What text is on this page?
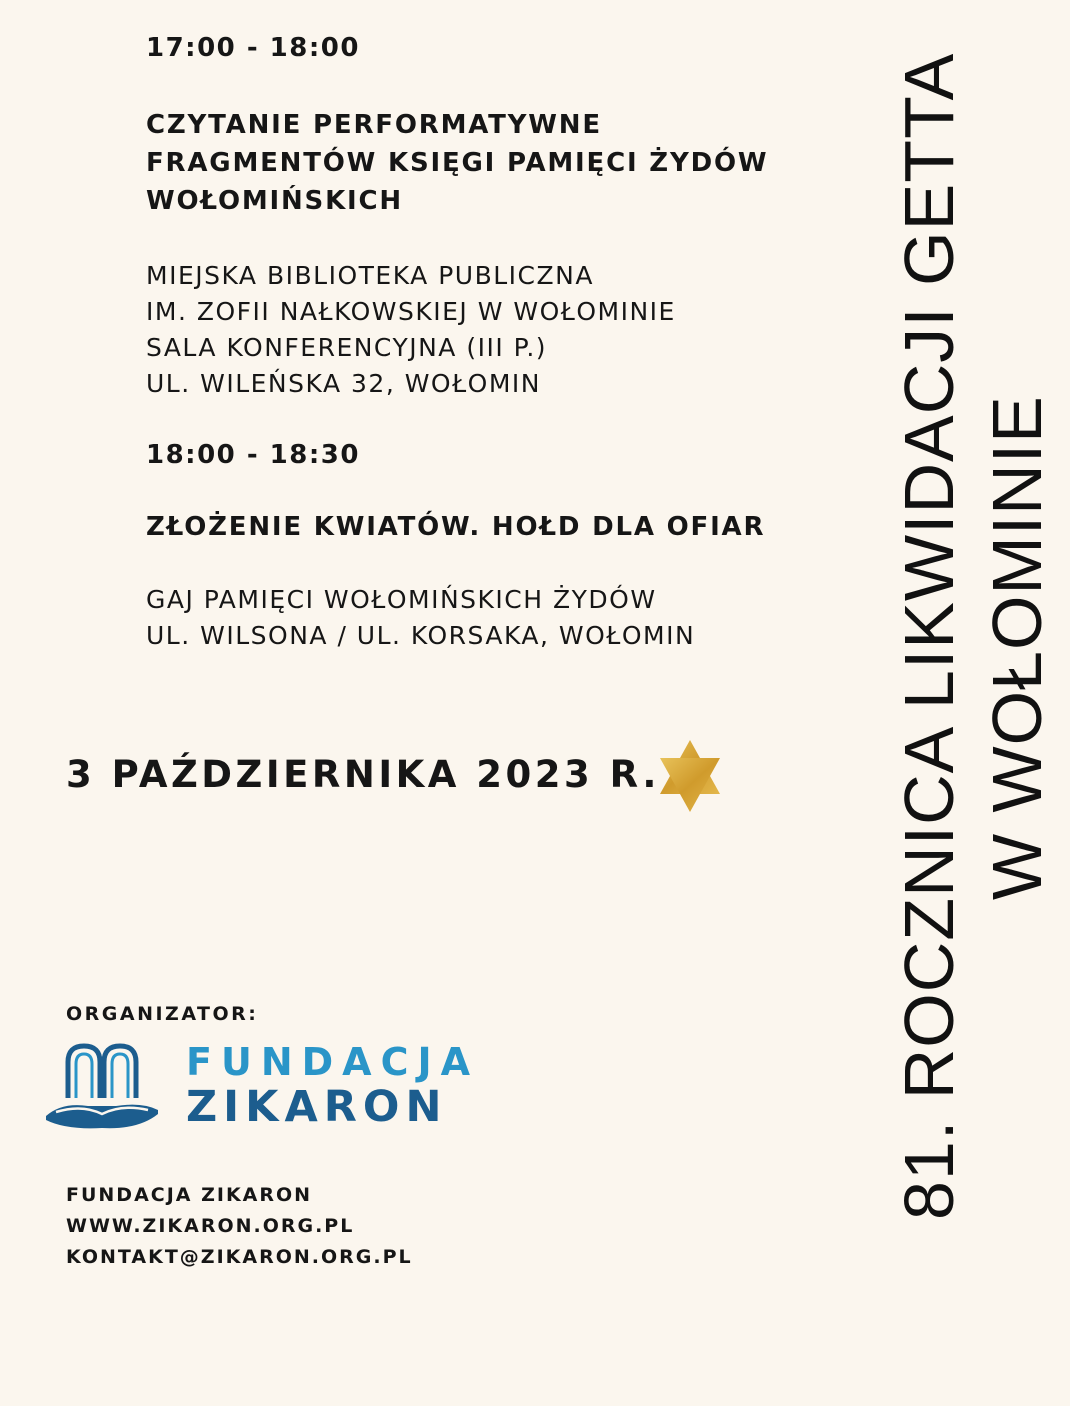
17:00 - 18:00

CZYTANIE PERFORMATYWNE
FRAGMENTÓW KSIĘGI PAMIĘCI ŻYDÓW
WOŁOMIŃSKICH

MIEJSKA BIBLIOTEKA PUBLICZNA
IM. ZOFII NAŁKOWSKIEJ W WOŁOMINIE
SALA KONFERENCYJNA (III P.)
UL. WILEŃSKA 32, WOŁOMIN

18:00 - 18:30

ZŁOŻENIE KWIATÓW. HOŁD DLA OFIAR

GAJ PAMIĘCI WOŁOMIŃSKICH ŻYDÓW
UL. WILSONA / UL. KORSAKA, WOŁOMIN

3 PAŹDZIERNIKA 2023 R.

ORGANIZATOR:

FUNDACJA
ZIKARON

FUNDACJA ZIKARON
WWW.ZIKARON.ORG.PL
KONTAKT@ZIKARON.ORG.PL

81. ROCZNICA LIKWIDACJI GETTA W WOŁOMINIE
